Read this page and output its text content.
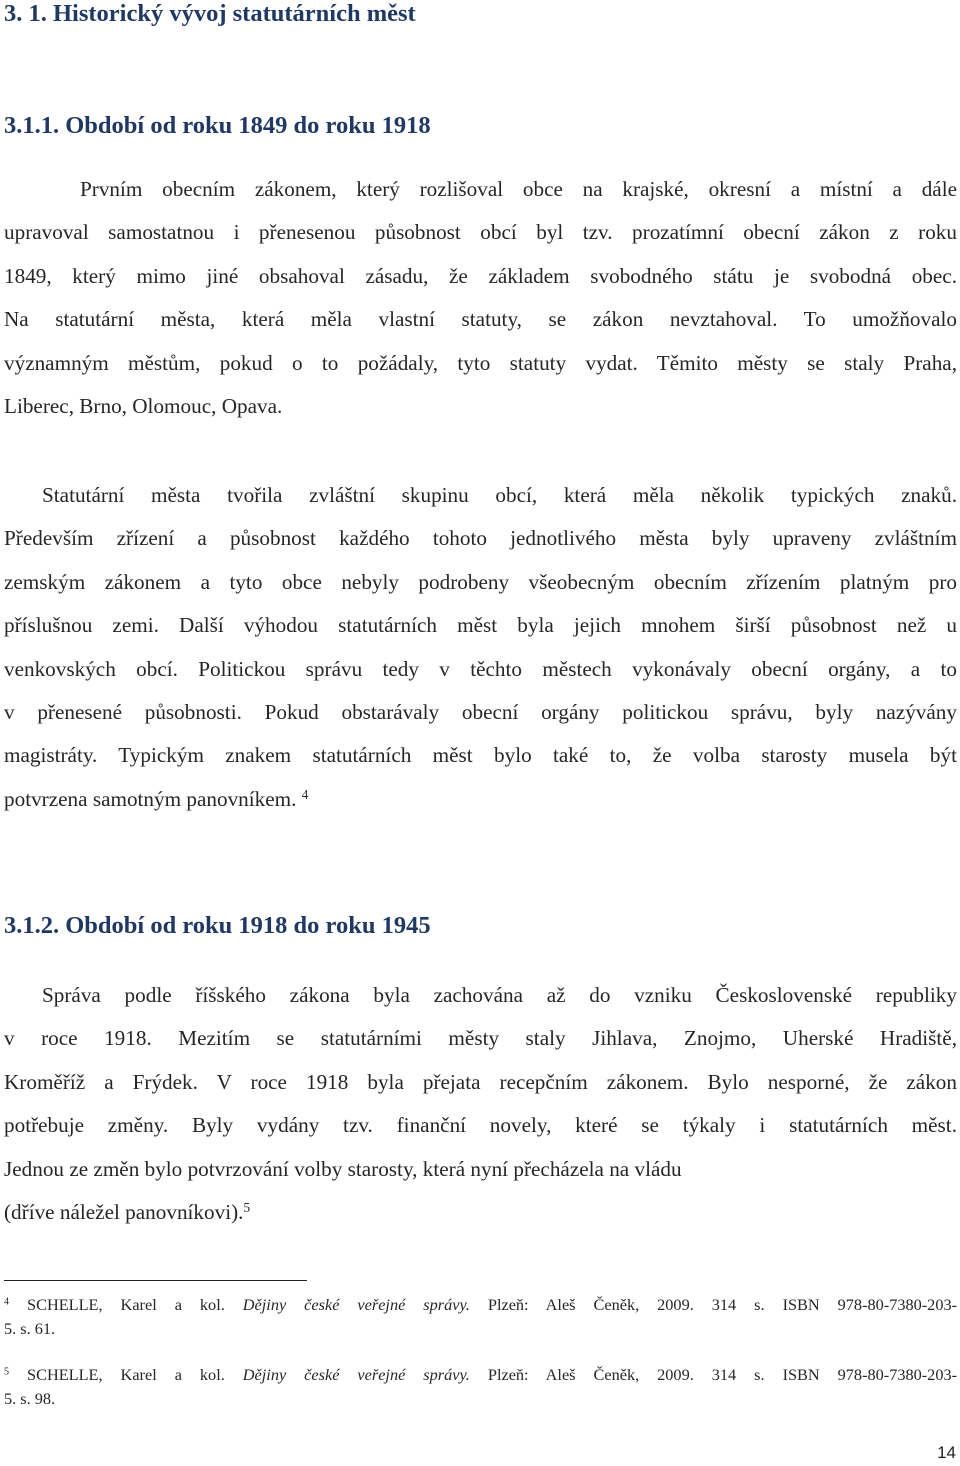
3. 1. Historický vývoj statutárních měst
3.1.1. Období od roku 1849 do roku 1918
Prvním obecním zákonem, který rozlišoval obce na krajské, okresní a místní a dále
upravoval samostatnou i přenesenou působnost obcí byl tzv. prozatímní obecní zákon z roku
1849, který mimo jiné obsahoval zásadu, že základem svobodného státu je svobodná obec.
Na statutární města, která měla vlastní statuty, se zákon nevztahoval. To umožňovalo
významným městům, pokud o to požádaly, tyto statuty vydat. Těmito městy se staly Praha,
Liberec, Brno, Olomouc, Opava.
Statutární města tvořila zvláštní skupinu obcí, která měla několik typických znaků.
Především zřízení a působnost každého tohoto jednotlivého města byly upraveny zvláštním
zemským zákonem a tyto obce nebyly podrobeny všeobecným obecním zřízením platným pro
příslušnou zemi. Další výhodou statutárních měst byla jejich mnohem širší působnost než u
venkovských obcí. Politickou správu tedy v těchto městech vykonávaly obecní orgány, a to
v přenesené působnosti. Pokud obstarávaly obecní orgány politickou správu, byly nazývány
magistráty. Typickým znakem statutárních měst bylo také to, že volba starosty musela být
potvrzena samotným panovníkem. $^4$
3.1.2. Období od roku 1918 do roku 1945
Správa podle říšského zákona byla zachována až do vzniku Československé republiky
v roce 1918. Mezitím se statutárními městy staly Jihlava, Znojmo, Uherské Hradiště,
Kroměříž a Frýdek. V roce 1918 byla přejata recepčním zákonem. Bylo nesporné, že zákon
potřebuje změny. Byly vydány tzv. finanční novely, které se týkaly i statutárních měst.
Jednou ze změn bylo potvrzování volby starosty, která nyní přecházela na vládu
(dříve náležel panovníkovi).$^5$
$^4$ SCHELLE, Karel a kol. Dějiny české veřejné správy. Plzeň: Aleš Čeněk, 2009. 314 s. ISBN 978-80-7380-203-
5. s. 61.
$^5$ SCHELLE, Karel a kol. Dějiny české veřejné správy. Plzeň: Aleš Čeněk, 2009. 314 s. ISBN 978-80-7380-203-
5. s. 98.
14
